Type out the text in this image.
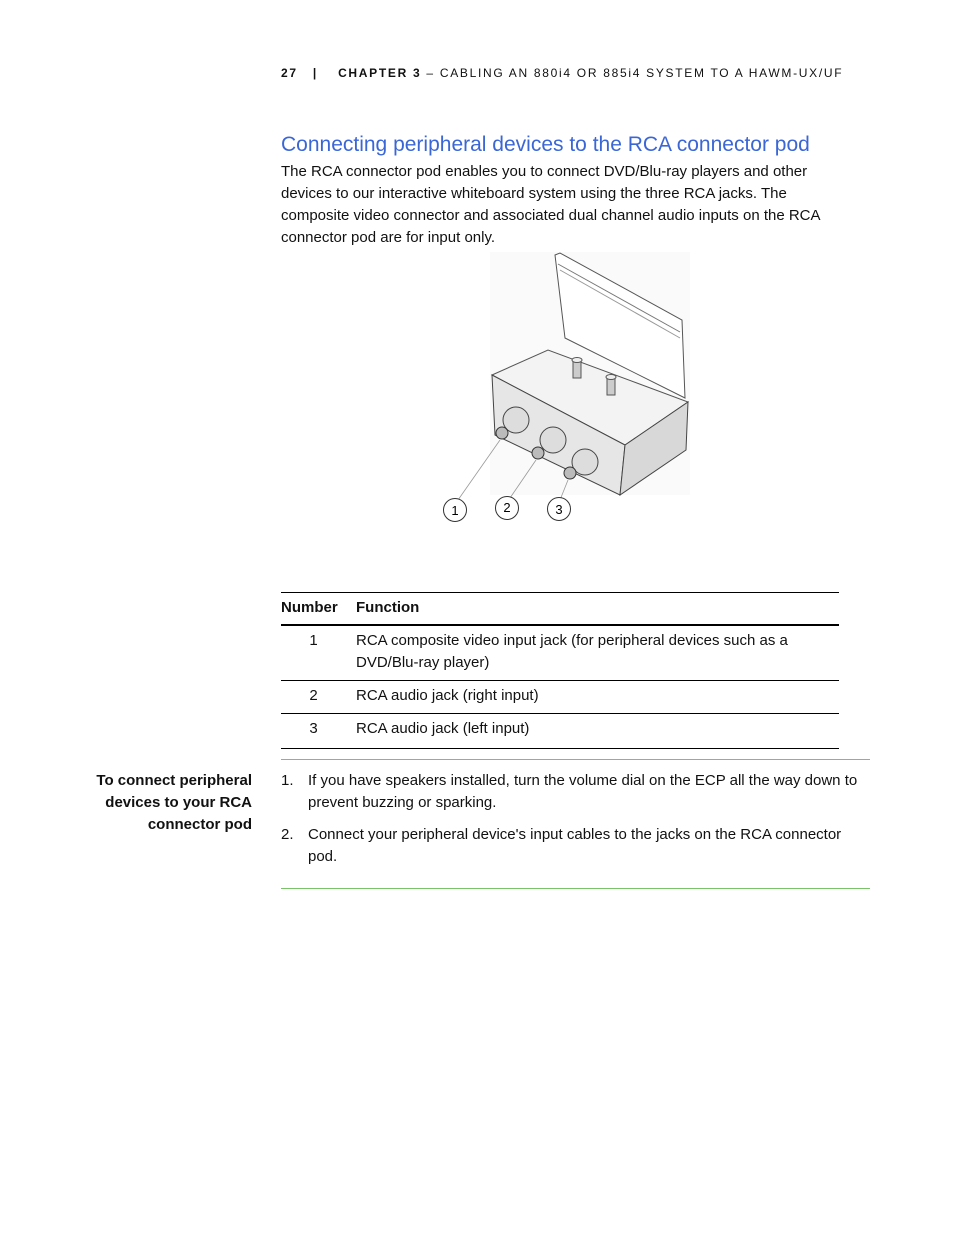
27 | CHAPTER 3 – CABLING AN 880i4 OR 885i4 SYSTEM TO A HAWM-UX/UF
Connecting peripheral devices to the RCA connector pod
The RCA connector pod enables you to connect DVD/Blu-ray players and other devices to our interactive whiteboard system using the three RCA jacks. The composite video connector and associated dual channel audio inputs on the RCA connector pod are for input only.
1	2	3
Number	Function
1	RCA composite video input jack (for peripheral devices such as a DVD/Blu-ray player)
2	RCA audio jack (right input)
3	RCA audio jack (left input)
To connect peripheral devices to your RCA connector pod
1. If you have speakers installed, turn the volume dial on the ECP all the way down to prevent buzzing or sparking.
2. Connect your peripheral device's input cables to the jacks on the RCA connector pod.
